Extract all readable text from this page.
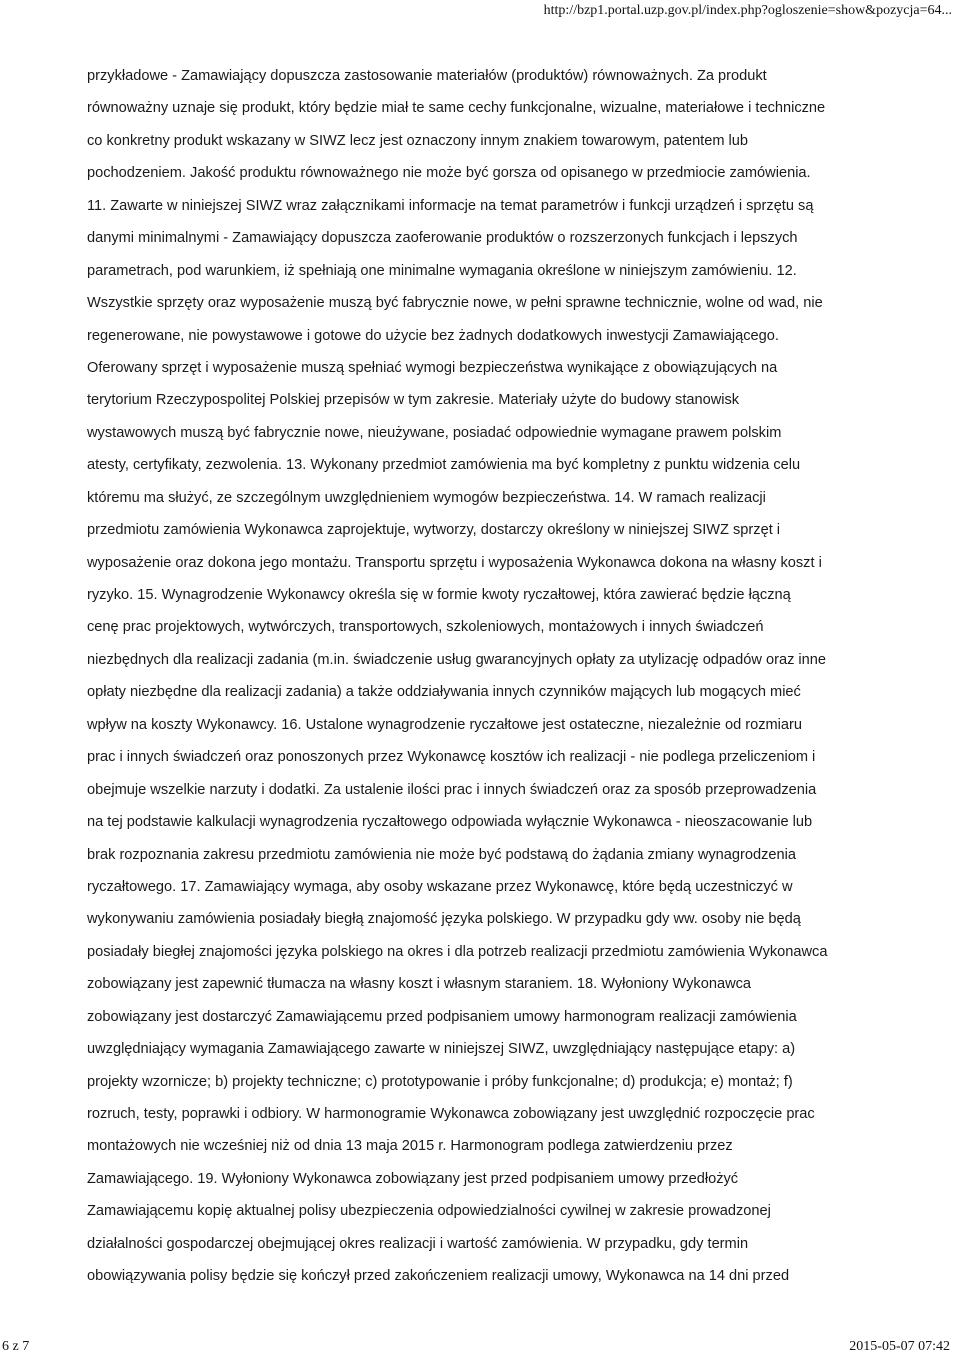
http://bzp1.portal.uzp.gov.pl/index.php?ogloszenie=show&pozycja=64...
przykładowe - Zamawiający dopuszcza zastosowanie materiałów (produktów) równoważnych. Za produkt
równoważny uznaje się produkt, który będzie miał te same cechy funkcjonalne, wizualne, materiałowe i techniczne
co konkretny produkt wskazany w SIWZ lecz jest oznaczony innym znakiem towarowym, patentem lub
pochodzeniem. Jakość produktu równoważnego nie może być gorsza od opisanego w przedmiocie zamówienia.
11. Zawarte w niniejszej SIWZ wraz załącznikami informacje na temat parametrów i funkcji urządzeń i sprzętu są
danymi minimalnymi - Zamawiający dopuszcza zaoferowanie produktów o rozszerzonych funkcjach i lepszych
parametrach, pod warunkiem, iż spełniają one minimalne wymagania określone w niniejszym zamówieniu. 12.
Wszystkie sprzęty oraz wyposażenie muszą być fabrycznie nowe, w pełni sprawne technicznie, wolne od wad, nie
regenerowane, nie powystawowe i gotowe do użycie bez żadnych dodatkowych inwestycji Zamawiającego.
Oferowany sprzęt i wyposażenie muszą spełniać wymogi bezpieczeństwa wynikające z obowiązujących na
terytorium Rzeczypospolitej Polskiej przepisów w tym zakresie. Materiały użyte do budowy stanowisk
wystawowych muszą być fabrycznie nowe, nieużywane, posiadać odpowiednie wymagane prawem polskim
atesty, certyfikaty, zezwolenia. 13. Wykonany przedmiot zamówienia ma być kompletny z punktu widzenia celu
któremu ma służyć, ze szczególnym uwzględnieniem wymogów bezpieczeństwa. 14. W ramach realizacji
przedmiotu zamówienia Wykonawca zaprojektuje, wytworzy, dostarczy określony w niniejszej SIWZ sprzęt i
wyposażenie oraz dokona jego montażu. Transportu sprzętu i wyposażenia Wykonawca dokona na własny koszt i
ryzyko. 15. Wynagrodzenie Wykonawcy określa się w formie kwoty ryczałtowej, która zawierać będzie łączną
cenę prac projektowych, wytwórczych, transportowych, szkoleniowych, montażowych i innych świadczeń
niezbędnych dla realizacji zadania (m.in. świadczenie usług gwarancyjnych opłaty za utylizację odpadów oraz inne
opłaty niezbędne dla realizacji zadania) a także oddziaływania innych czynników mających lub mogących mieć
wpływ na koszty Wykonawcy. 16. Ustalone wynagrodzenie ryczałtowe jest ostateczne, niezależnie od rozmiaru
prac i innych świadczeń oraz ponoszonych przez Wykonawcę kosztów ich realizacji - nie podlega przeliczeniom i
obejmuje wszelkie narzuty i dodatki. Za ustalenie ilości prac i innych świadczeń oraz za sposób przeprowadzenia
na tej podstawie kalkulacji wynagrodzenia ryczałtowego odpowiada wyłącznie Wykonawca - nieoszacowanie lub
brak rozpoznania zakresu przedmiotu zamówienia nie może być podstawą do żądania zmiany wynagrodzenia
ryczałtowego. 17. Zamawiający wymaga, aby osoby wskazane przez Wykonawcę, które będą uczestniczyć w
wykonywaniu zamówienia posiadały biegłą znajomość języka polskiego. W przypadku gdy ww. osoby nie będą
posiadały biegłej znajomości języka polskiego na okres i dla potrzeb realizacji przedmiotu zamówienia Wykonawca
zobowiązany jest zapewnić tłumacza na własny koszt i własnym staraniem. 18. Wyłoniony Wykonawca
zobowiązany jest dostarczyć Zamawiającemu przed podpisaniem umowy harmonogram realizacji zamówienia
uwzględniający wymagania Zamawiającego zawarte w niniejszej SIWZ, uwzględniający następujące etapy: a)
projekty wzornicze; b) projekty techniczne; c) prototypowanie i próby funkcjonalne; d) produkcja; e) montaż; f)
rozruch, testy, poprawki i odbiory. W harmonogramie Wykonawca zobowiązany jest uwzględnić rozpoczęcie prac
montażowych nie wcześniej niż od dnia 13 maja 2015 r. Harmonogram podlega zatwierdzeniu przez
Zamawiającego. 19. Wyłoniony Wykonawca zobowiązany jest przed podpisaniem umowy przedłożyć
Zamawiającemu kopię aktualnej polisy ubezpieczenia odpowiedzialności cywilnej w zakresie prowadzonej
działalności gospodarczej obejmującej okres realizacji i wartość zamówienia. W przypadku, gdy termin
obowiązywania polisy będzie się kończył przed zakończeniem realizacji umowy, Wykonawca na 14 dni przed
6 z 7	2015-05-07 07:42
